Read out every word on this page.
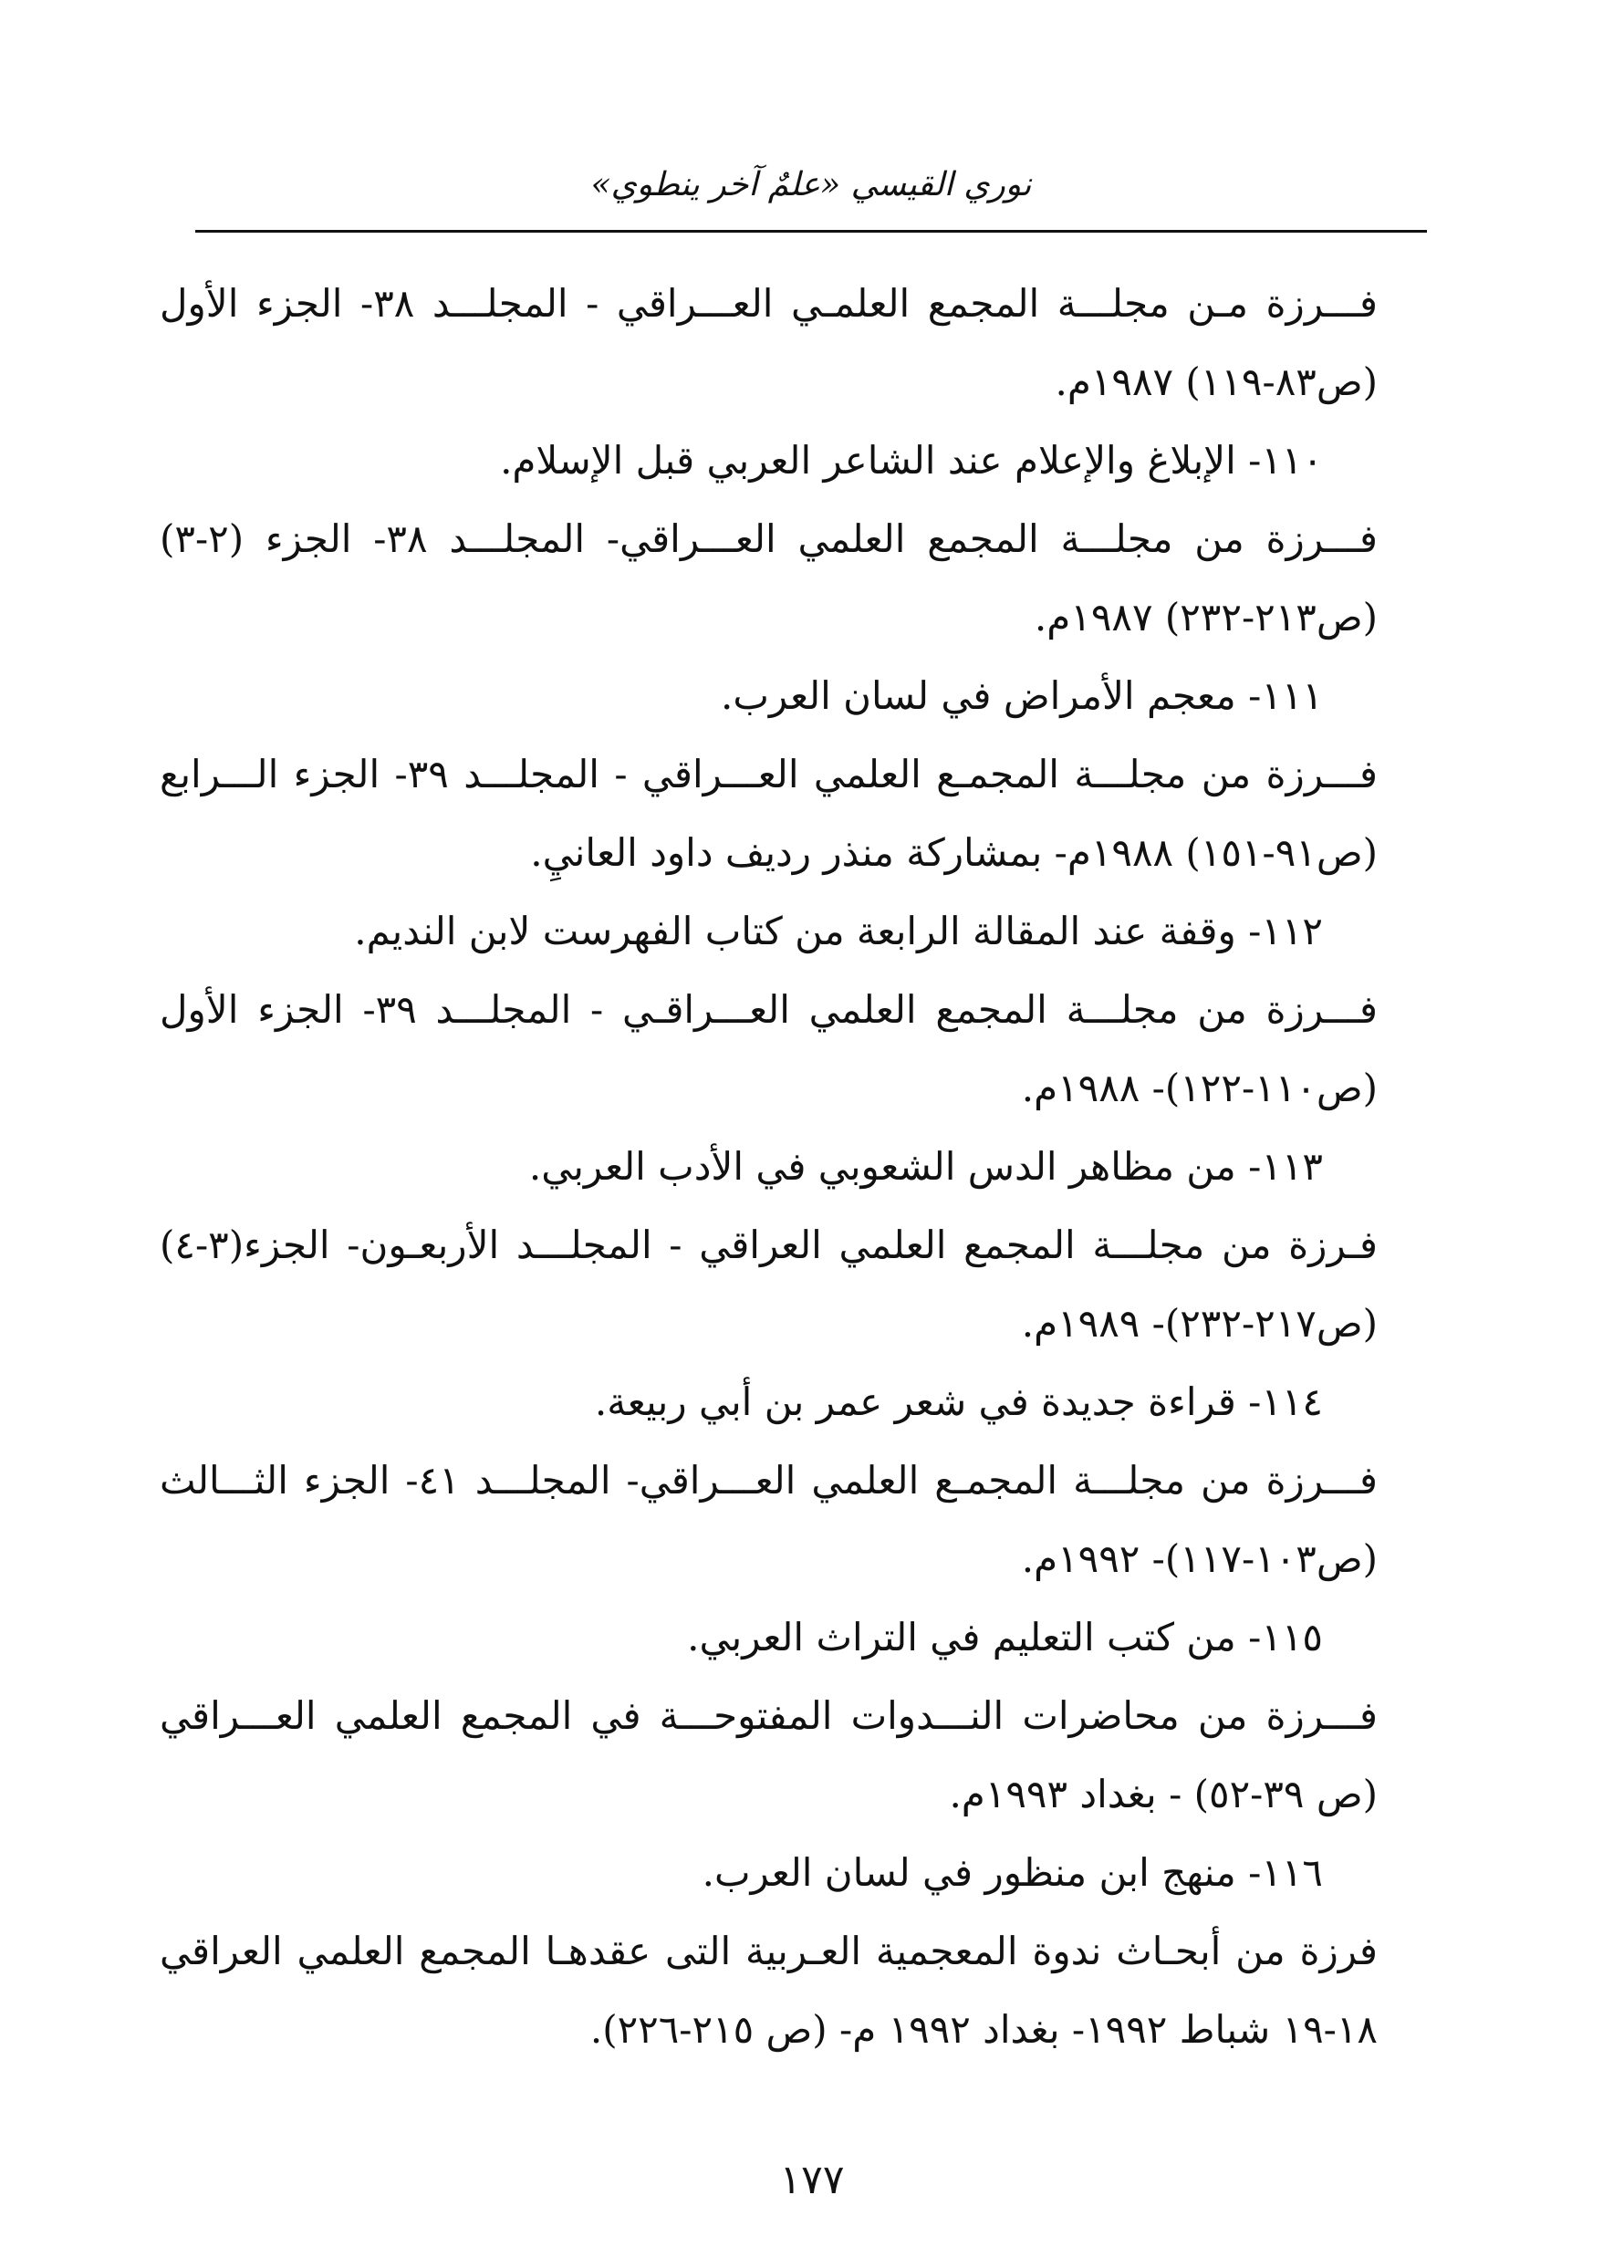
نوري القيسي «علمٌ آخر ينطوي»

فـــرزة مـن مجلـــة المجمع العلمـي العـــراقي - المجلـــد ٣٨- الجزء الأول (ص٨٣-١١٩) ١٩٨٧م.

١١٠- الإبلاغ والإعلام عند الشاعر العربي قبل الإسلام.

فـــرزة من مجلـــة المجمع العلمي العـــراقي- المجلـــد ٣٨- الجزء (٢-٣) (ص٢١٣-٢٣٢) ١٩٨٧م.

١١١- معجم الأمراض في لسان العرب.

فـــرزة من مجلـــة المجمـع العلمي العـــراقي - المجلـــد ٣٩- الجزء الـــرابع (ص٩١-١٥١) ١٩٨٨م- بمشاركة منذر رديف داود العانيِ.

١١٢- وقفة عند المقالة الرابعة من كتاب الفهرست لابن النديم.

فـــرزة من مجلـــة المجمع العلمي العـــراقـي - المجلـــد ٣٩- الجزء الأول (ص١١٠-١٢٢)- ١٩٨٨م.

١١٣- من مظاهر الدس الشعوبي في الأدب العربي.

فـرزة من مجلـــة المجمع العلمي العراقي - المجلـــد الأربعـون- الجزء(٣-٤) (ص٢١٧-٢٣٢)- ١٩٨٩م.

١١٤- قراءة جديدة في شعر عمر بن أبي ربيعة.

فـــرزة من مجلـــة المجمـع العلمي العـــراقي- المجلـــد ٤١- الجزء الثـــالث (ص١٠٣-١١٧)- ١٩٩٢م.

١١٥- من كتب التعليم في التراث العربي.

فـــرزة من محاضرات النـــدوات المفتوحـــة في المجمع العلمي العـــراقي (ص ٣٩-٥٢) - بغداد ١٩٩٣م.

١١٦- منهج ابن منظور في لسان العرب.

فرزة من أبحـاث ندوة المعجمية العـربية التى عقدهـا المجمع العلمي العراقي ١٨-١٩ شباط ١٩٩٢- بغداد ١٩٩٢ م- (ص ٢١٥-٢٢٦).

١٧٧
